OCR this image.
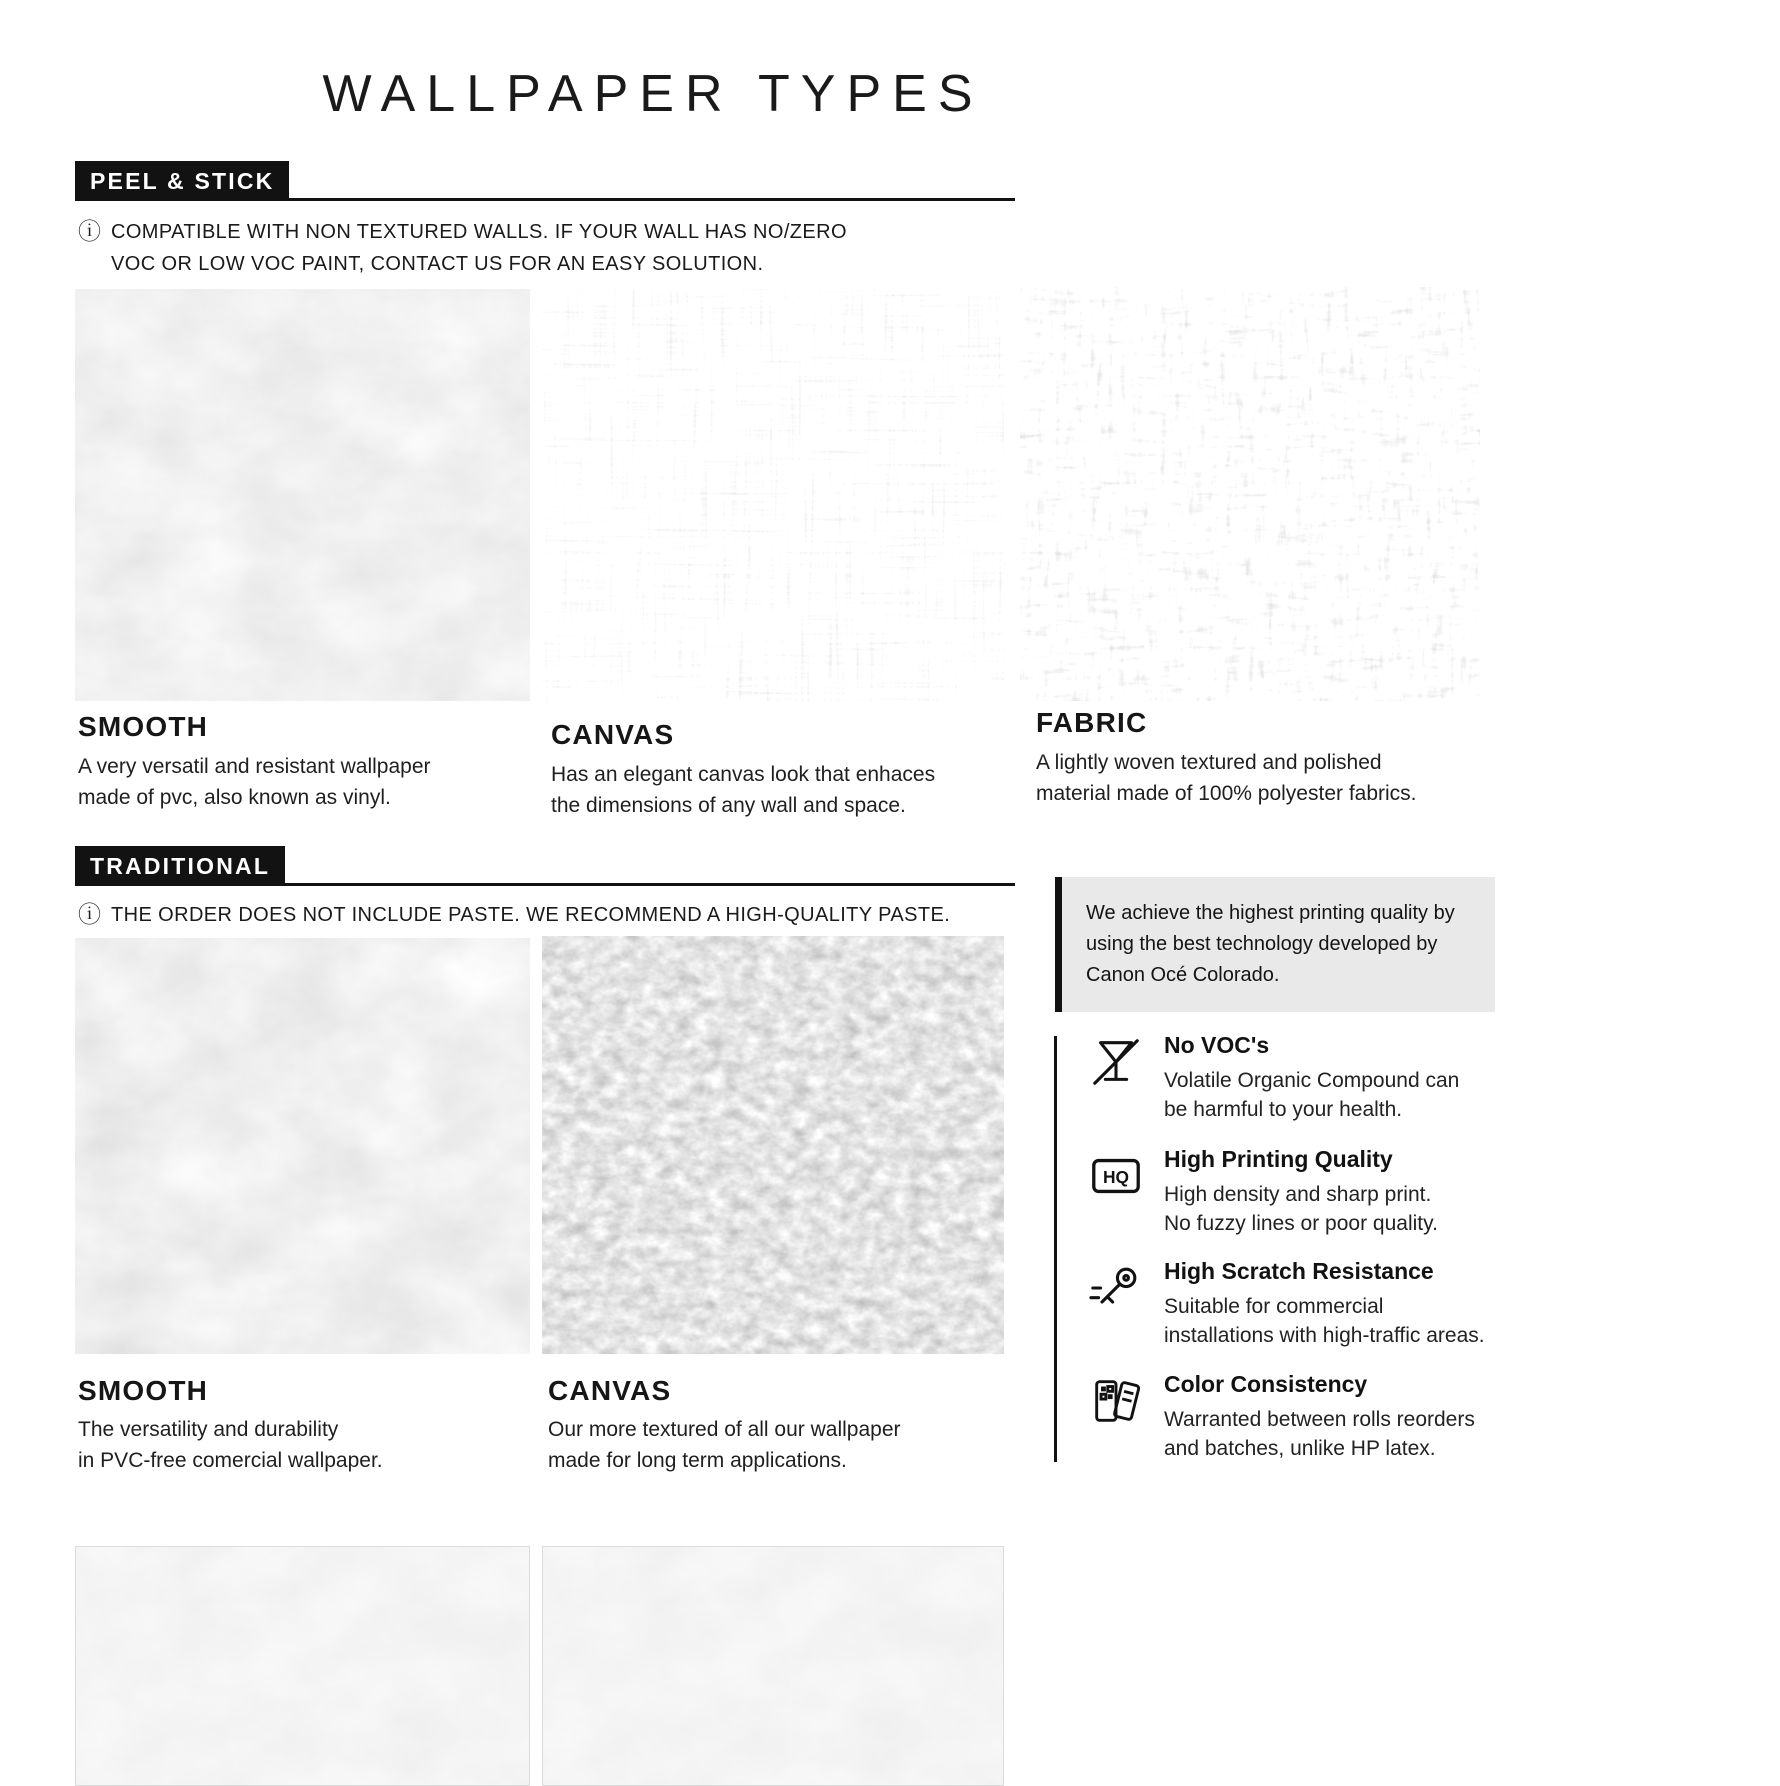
WALLPAPER TYPES
PEEL & STICK
ⓘ COMPATIBLE WITH NON TEXTURED WALLS. IF YOUR WALL HAS NO/ZERO
VOC OR LOW VOC PAINT, CONTACT US FOR AN EASY SOLUTION.
SMOOTH
A very versatil and resistant wallpaper
made of pvc, also known as vinyl.
CANVAS
Has an elegant canvas look that enhaces
the dimensions of any wall and space.
FABRIC
A lightly woven textured and polished
material made of 100% polyester fabrics.
TRADITIONAL
ⓘ THE ORDER DOES NOT INCLUDE PASTE. WE RECOMMEND A HIGH-QUALITY PASTE.
SMOOTH
The versatility and durability
in PVC-free comercial wallpaper.
CANVAS
Our more textured of all our wallpaper
made for long term applications.
We achieve the highest printing quality by using the best technology developed by Canon Océ Colorado.
No VOC's
Volatile Organic Compound can
be harmful to your health.
HQ
High Printing Quality
High density and sharp print.
No fuzzy lines or poor quality.
High Scratch Resistance
Suitable for commercial
installations with high-traffic areas.
Color Consistency
Warranted between rolls reorders
and batches, unlike HP latex.
